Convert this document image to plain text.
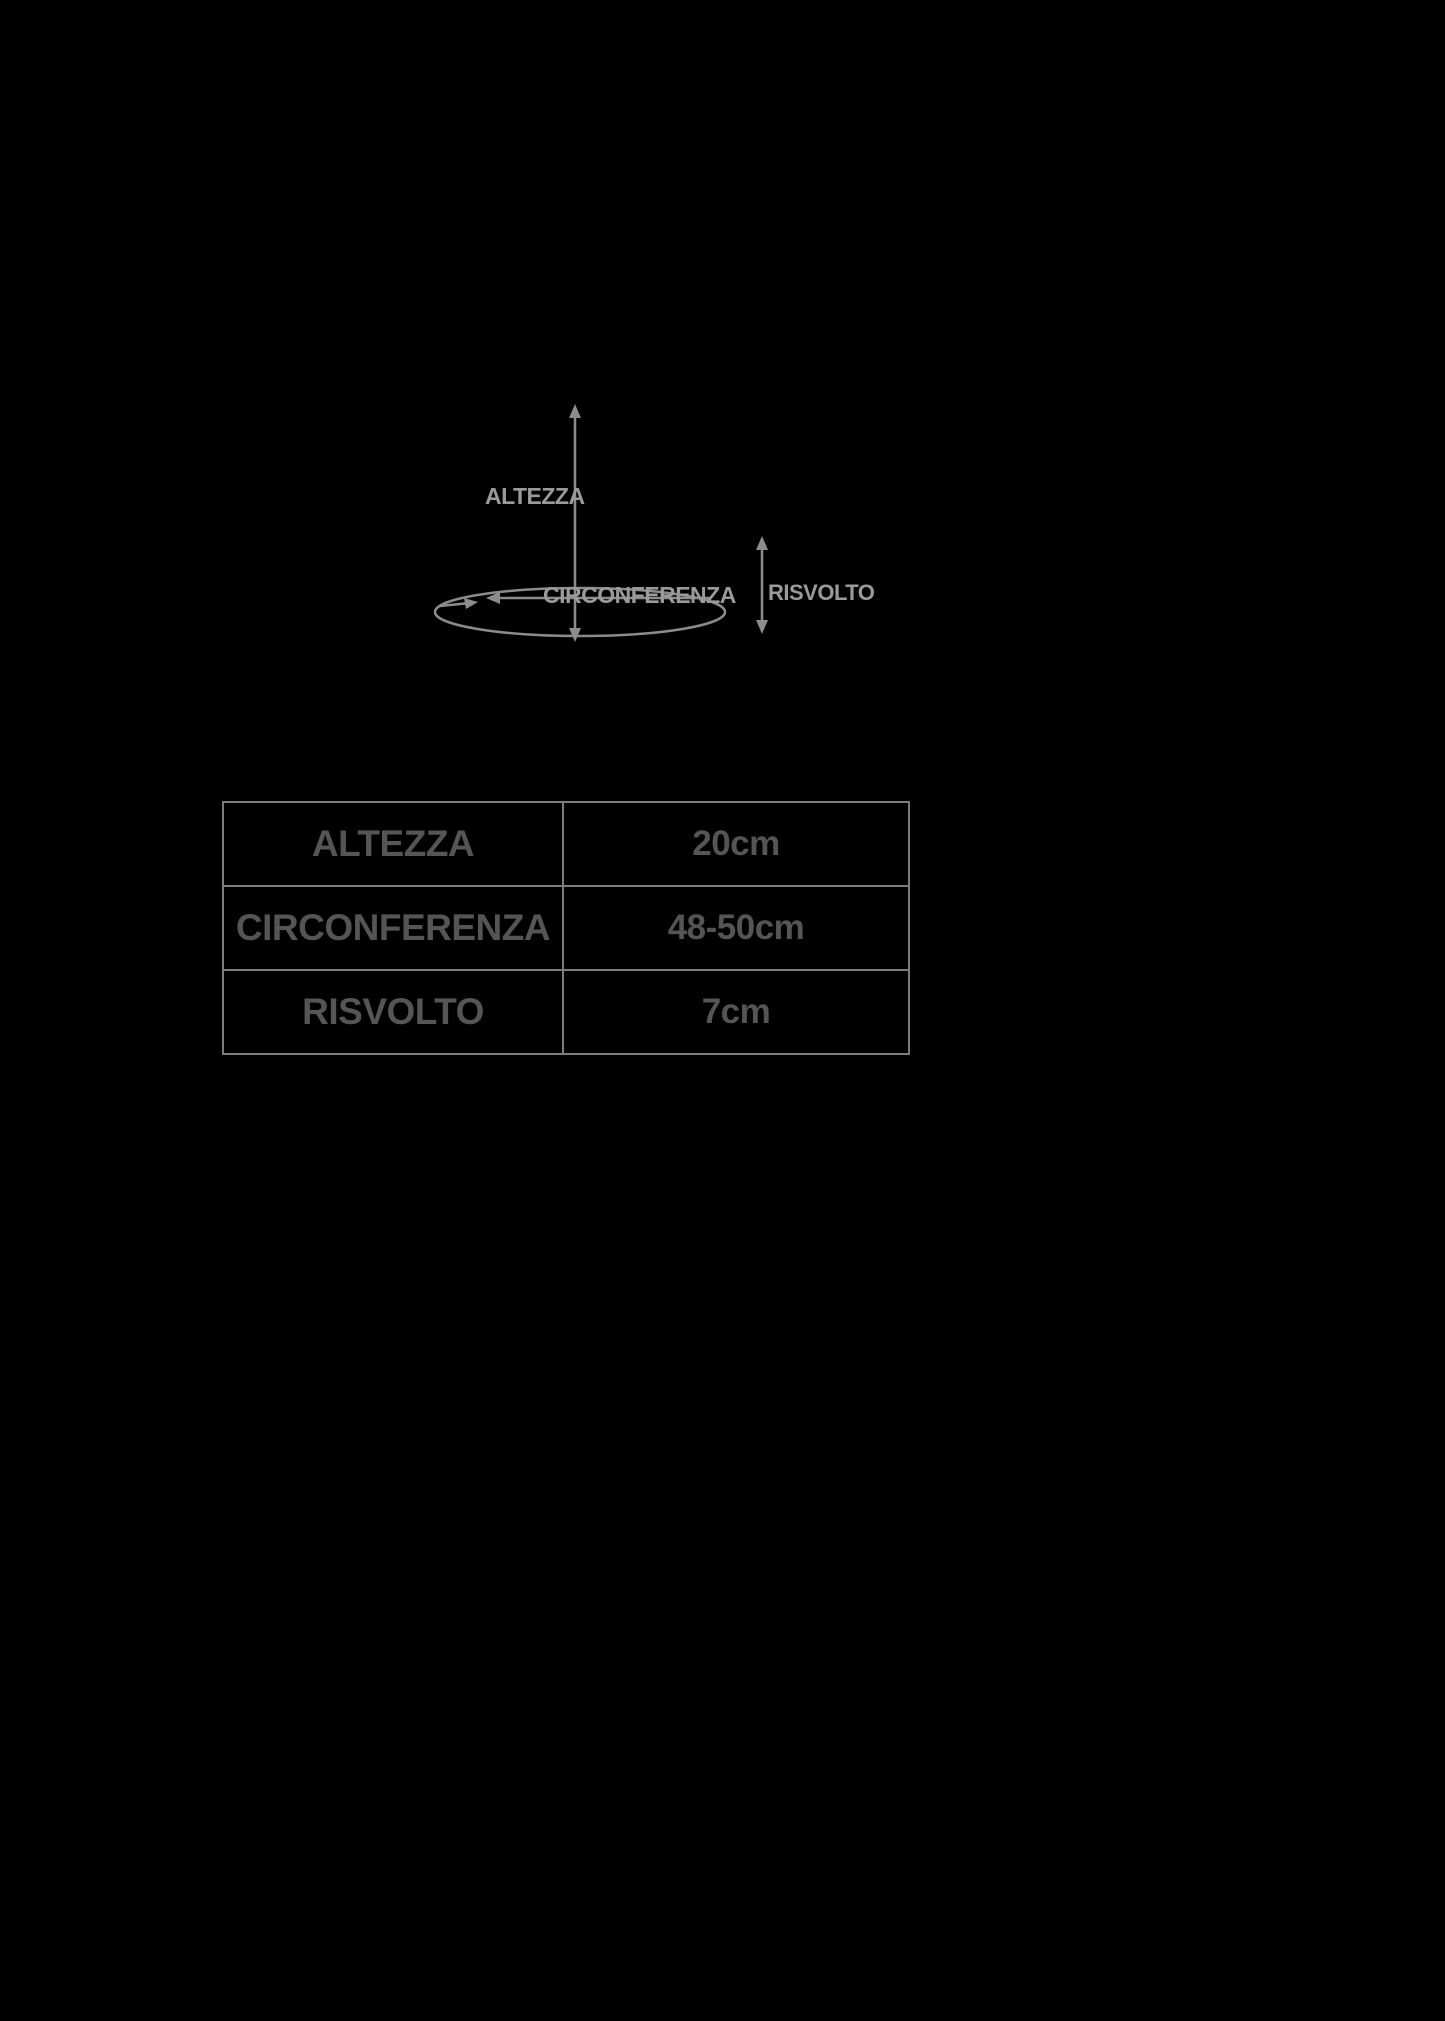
ALTEZZA
CIRCONFERENZA RISVOLTO
ALTEZZA	20cm
CIRCONFERENZA	48-50cm
RISVOLTO	7cm
